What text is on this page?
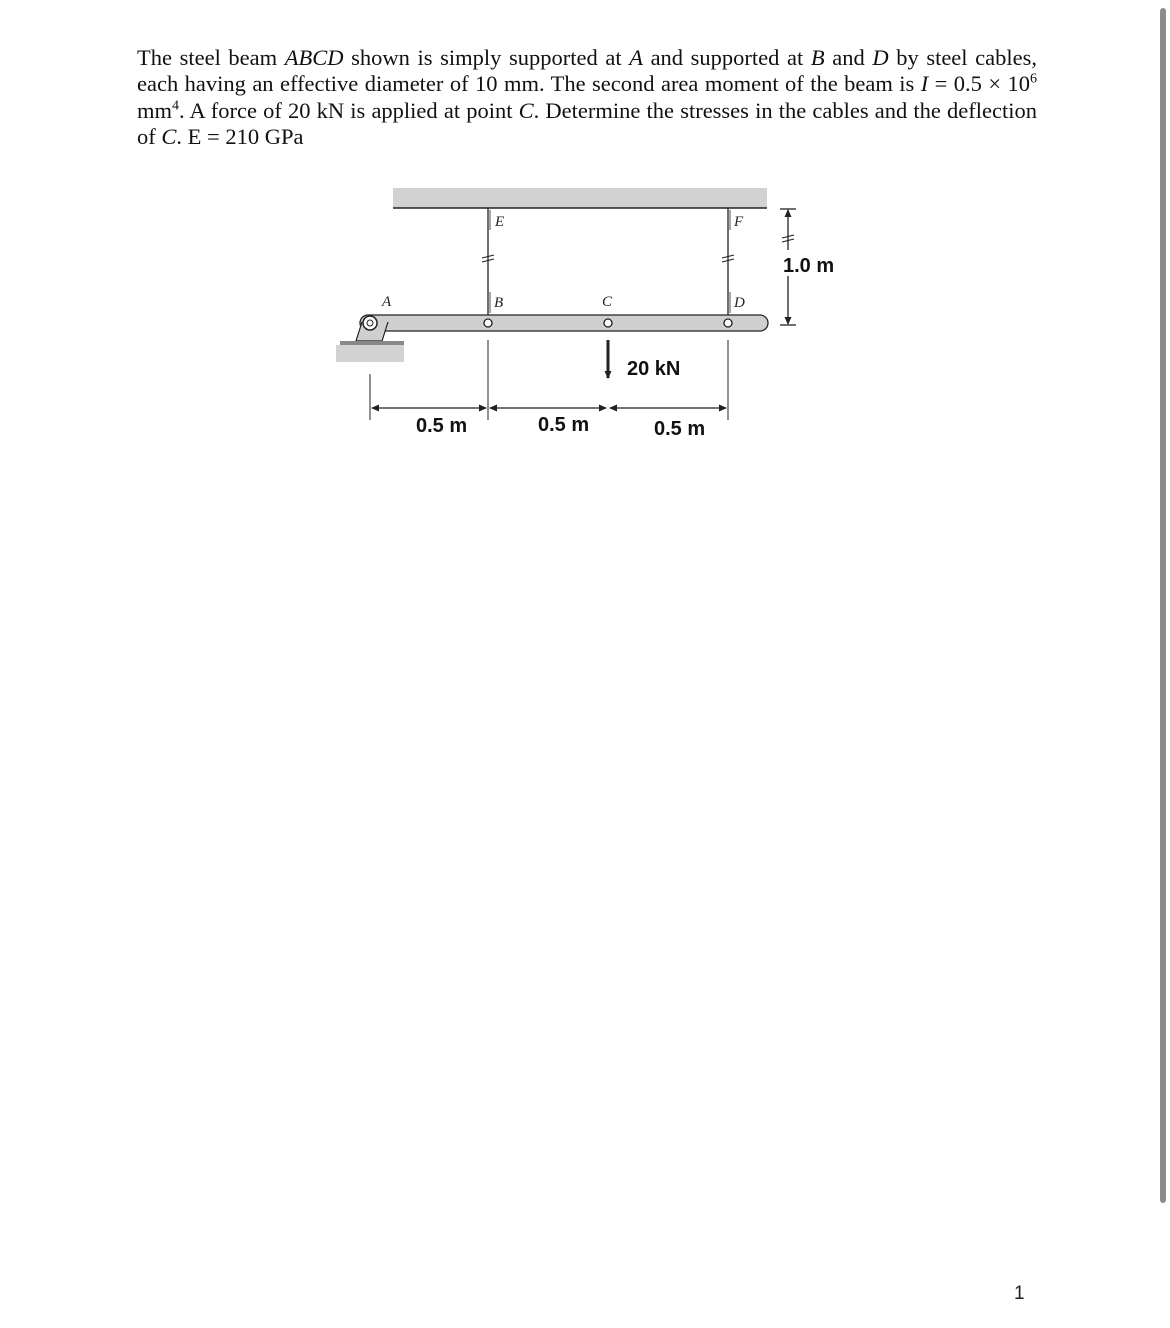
The steel beam ABCD shown is simply supported at A and supported at B and D by steel cables, each having an effective diameter of 10 mm. The second area moment of the beam is $I = 0.5 \times 10^6$ $mm^4$. A force of 20 kN is applied at point C. Determine the stresses in the cables and the deflection of C. E = 210 GPa

A	B	C	D
E	F
20 kN
1.0 m
0.5 m	0.5 m	0.5 m
1
